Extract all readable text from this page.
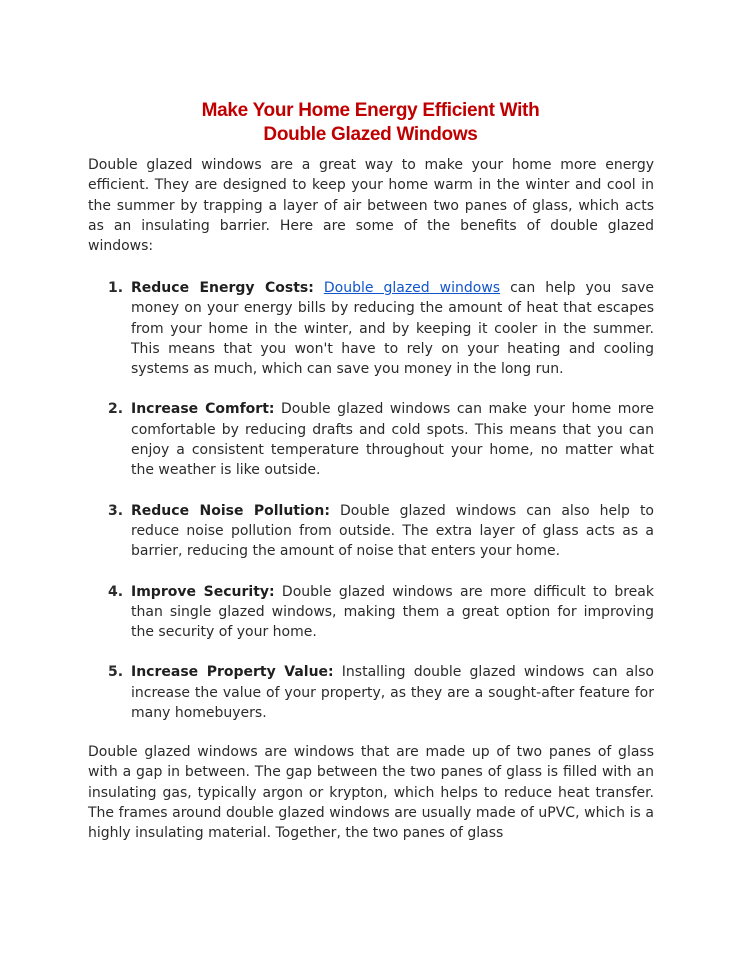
Make Your Home Energy Efficient With
Double Glazed Windows

Double glazed windows are a great way to make your home more energy efficient. They are designed to keep your home warm in the winter and cool in the summer by trapping a layer of air between two panes of glass, which acts as an insulating barrier. Here are some of the benefits of double glazed windows:

1. Reduce Energy Costs: Double glazed windows can help you save money on your energy bills by reducing the amount of heat that escapes from your home in the winter, and by keeping it cooler in the summer. This means that you won't have to rely on your heating and cooling systems as much, which can save you money in the long run.
2. Increase Comfort: Double glazed windows can make your home more comfortable by reducing drafts and cold spots. This means that you can enjoy a consistent temperature throughout your home, no matter what the weather is like outside.
3. Reduce Noise Pollution: Double glazed windows can also help to reduce noise pollution from outside. The extra layer of glass acts as a barrier, reducing the amount of noise that enters your home.
4. Improve Security: Double glazed windows are more difficult to break than single glazed windows, making them a great option for improving the security of your home.
5. Increase Property Value: Installing double glazed windows can also increase the value of your property, as they are a sought-after feature for many homebuyers.

Double glazed windows are windows that are made up of two panes of glass with a gap in between. The gap between the two panes of glass is filled with an insulating gas, typically argon or krypton, which helps to reduce heat transfer. The frames around double glazed windows are usually made of uPVC, which is a highly insulating material. Together, the two panes of glass
